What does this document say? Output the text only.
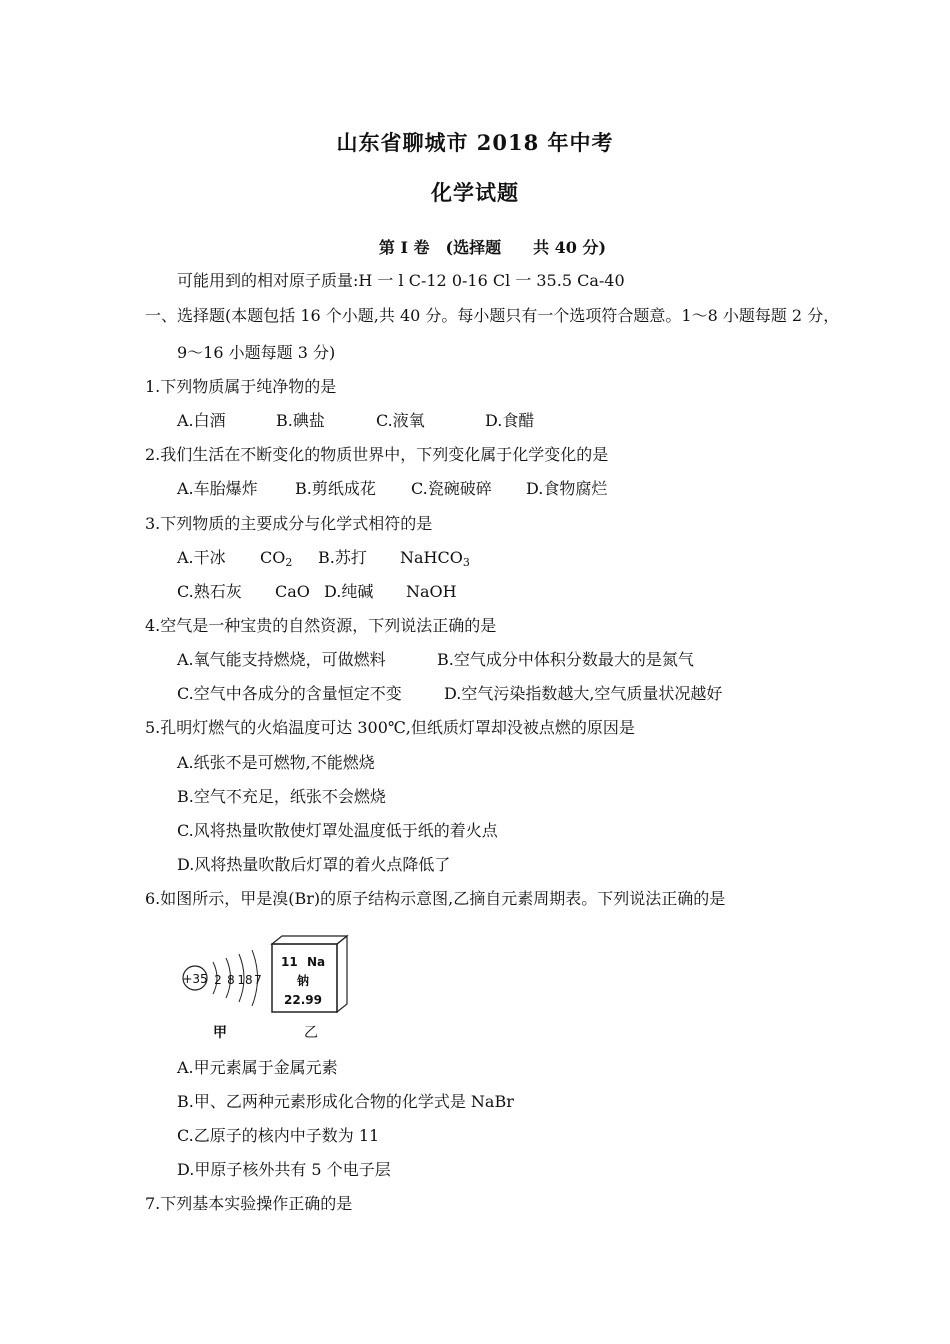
山东省聊城市 2018 年中考
化学试题
第 I 卷　(选择题　　共 40 分)
可能用到的相对原子质量:H 一 l C-12 0-16 Cl 一 35.5 Ca-40
一、选择题(本题包括 16 个小题,共 40 分。每小题只有一个选项符合题意。1～8 小题每题 2 分，
9～16 小题每题 3 分)
1.下列物质属于纯净物的是
A.白酒	B.碘盐	C.液氧	D.食醋
2.我们生活在不断变化的物质世界中，下列变化属于化学变化的是
A.车胎爆炸 B.剪纸成花 C.瓷碗破碎 D.食物腐烂
3.下列物质的主要成分与化学式相符的是
A.干冰 $CO_2$ B.苏打 NaHCO$_3$
C.熟石灰 CaO D.纯碱 NaOH
4.空气是一种宝贵的自然资源，下列说法正确的是
A.氧气能支持燃烧，可做燃料	B.空气成分中体积分数最大的是氮气
C.空气中各成分的含量恒定不变	D.空气污染指数越大,空气质量状况越好
5.孔明灯燃气的火焰温度可达 300℃,但纸质灯罩却没被点燃的原因是
A.纸张不是可燃物,不能燃烧
B.空气不充足，纸张不会燃烧
C.风将热量吹散使灯罩处温度低于纸的着火点
D.风将热量吹散后灯罩的着火点降低了
6.如图所示，甲是溴(Br)的原子结构示意图,乙摘自元素周期表。下列说法正确的是
+35 2 8 18 7
甲
11 Na
钠
22.99
乙
A.甲元素属于金属元素
B.甲、乙两种元素形成化合物的化学式是 NaBr
C.乙原子的核内中子数为 11
D.甲原子核外共有 5 个电子层
7.下列基本实验操作正确的是
